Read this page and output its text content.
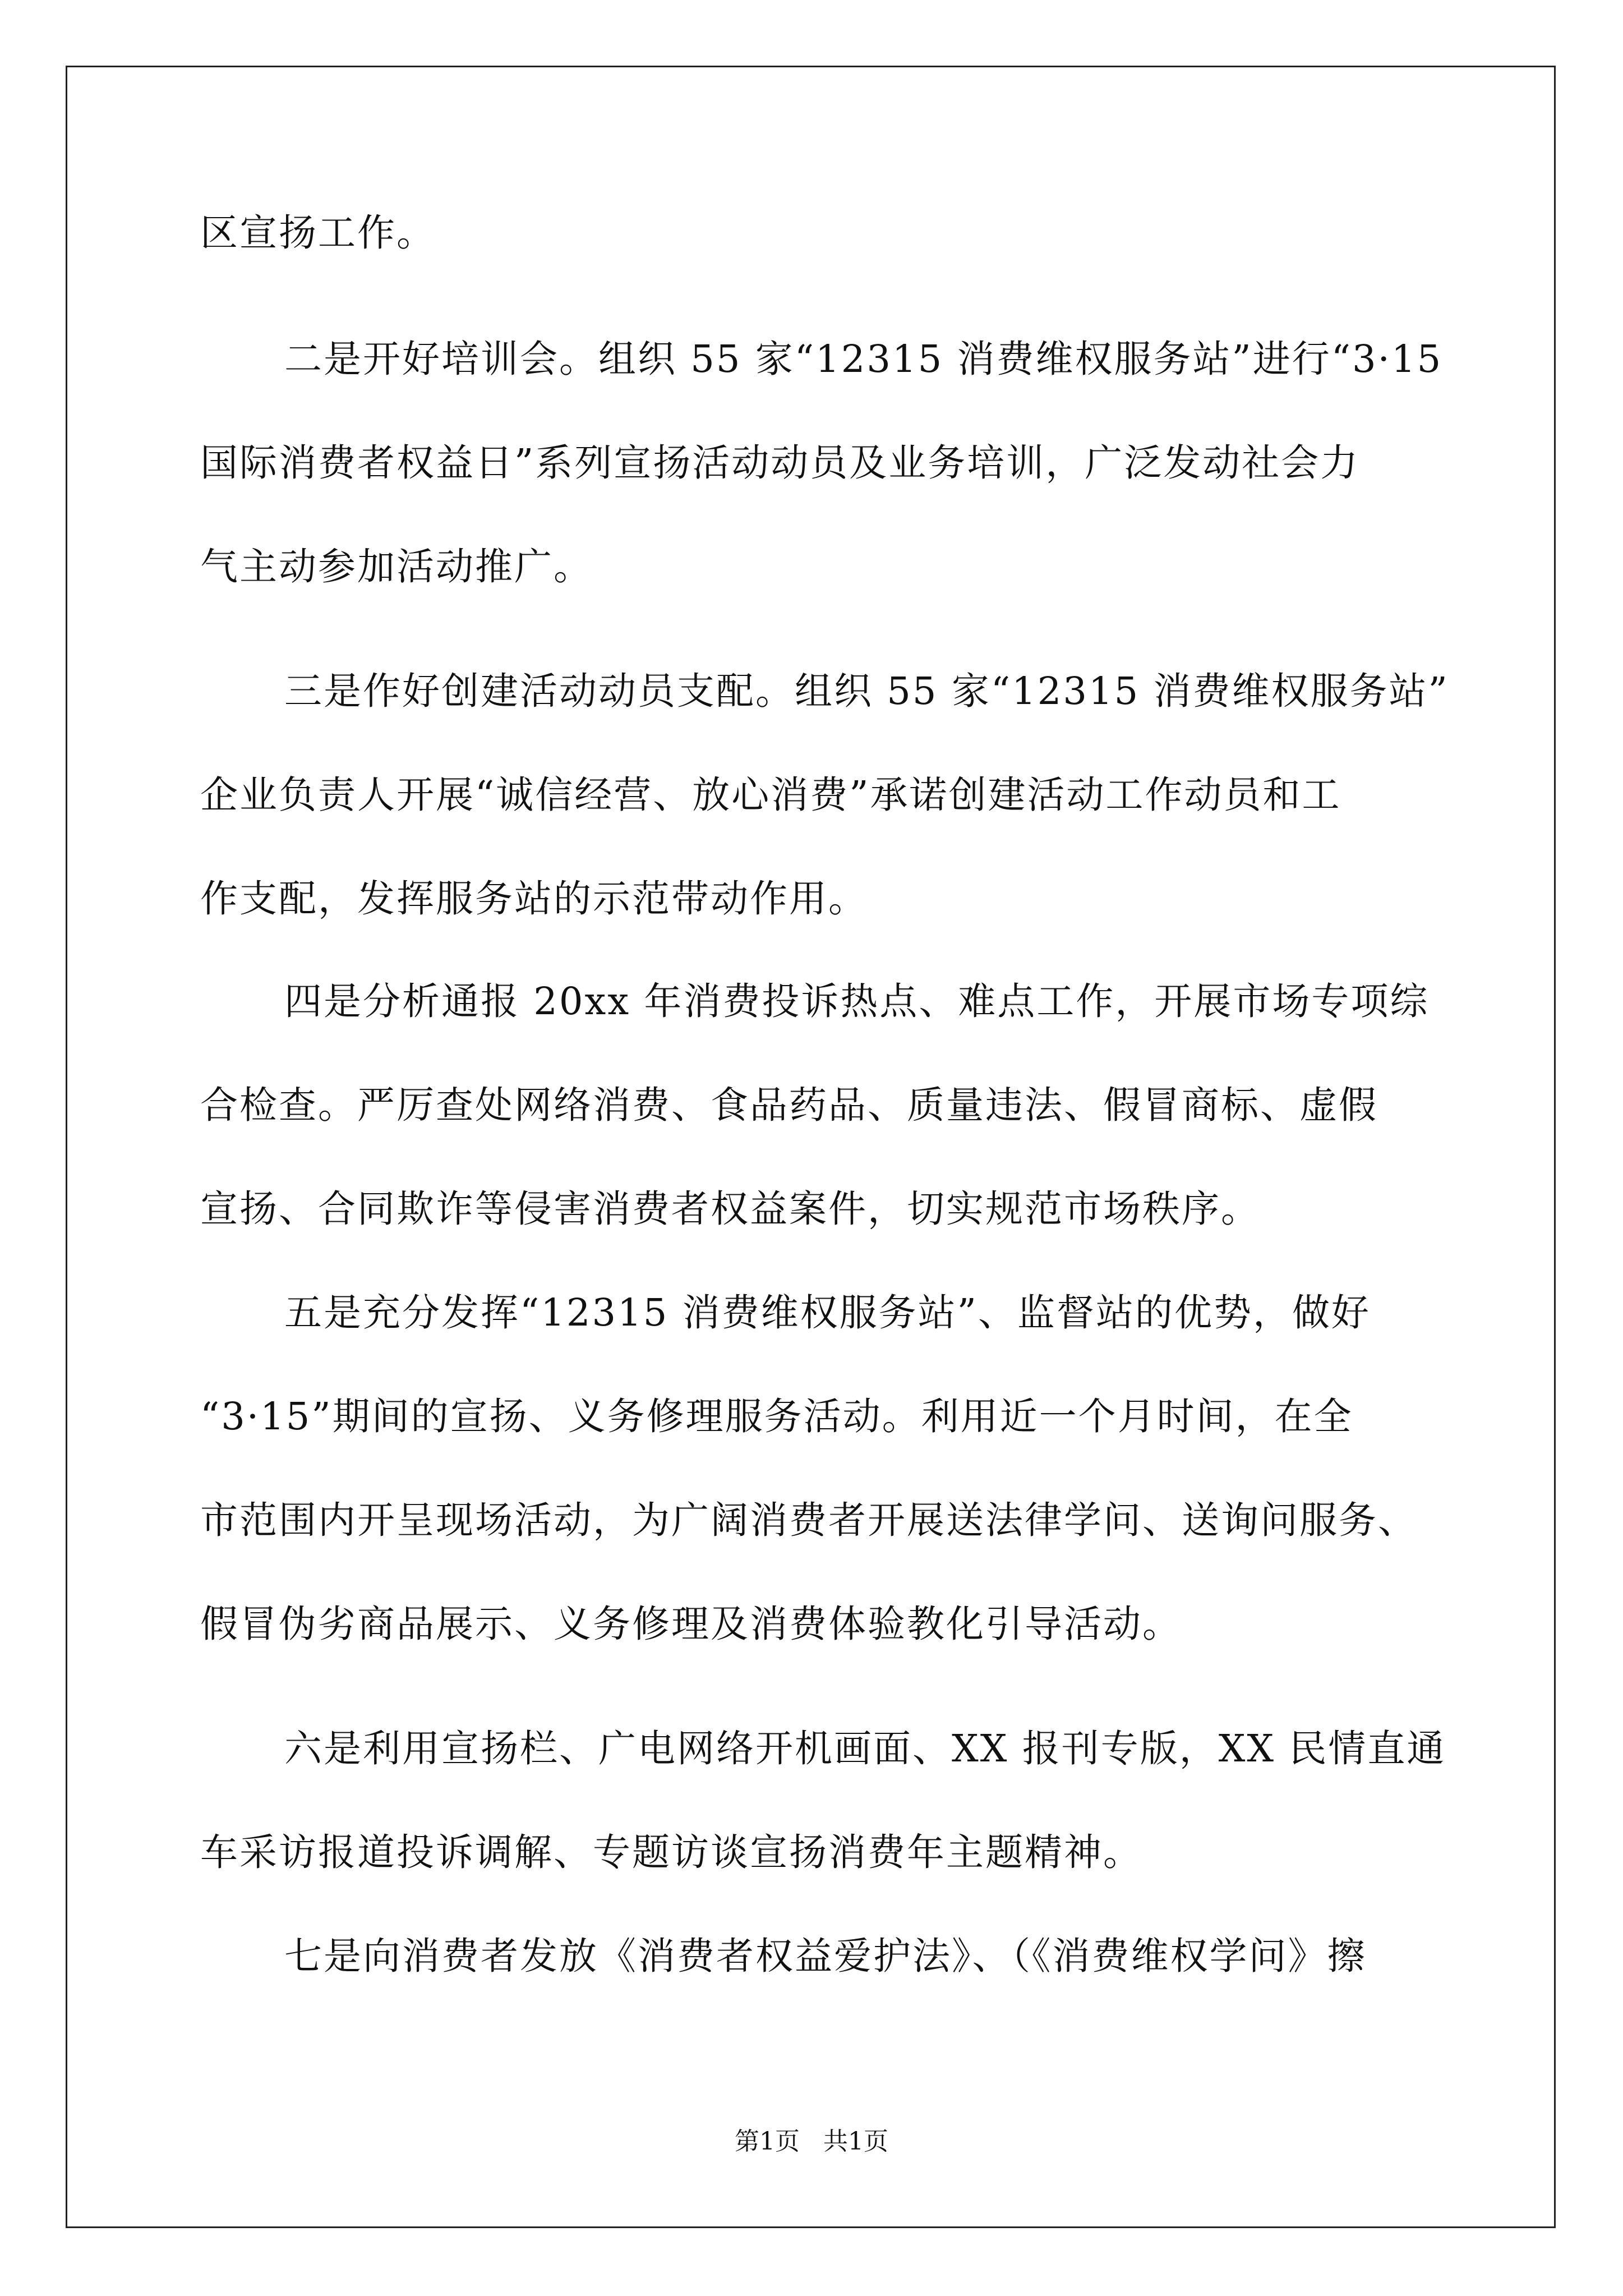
区宣扬工作。

二是开好培训会。组织 55 家“12315 消费维权服务站”进行“3·15

国际消费者权益日”系列宣扬活动动员及业务培训，广泛发动社会力

气主动参加活动推广。

三是作好创建活动动员支配。组织 55 家“12315 消费维权服务站”

企业负责人开展“诚信经营、放心消费”承诺创建活动工作动员和工

作支配，发挥服务站的示范带动作用。

四是分析通报 20xx 年消费投诉热点、难点工作，开展市场专项综

合检查。严厉查处网络消费、食品药品、质量违法、假冒商标、虚假

宣扬、合同欺诈等侵害消费者权益案件，切实规范市场秩序。

五是充分发挥“12315 消费维权服务站”、监督站的优势，做好

“3·15”期间的宣扬、义务修理服务活动。利用近一个月时间，在全

市范围内开呈现场活动，为广阔消费者开展送法律学问、送询问服务、

假冒伪劣商品展示、义务修理及消费体验教化引导活动。

六是利用宣扬栏、广电网络开机画面、XX 报刊专版，XX 民情直通

车采访报道投诉调解、专题访谈宣扬消费年主题精神。

七是向消费者发放《消费者权益爱护法》、（《消费维权学问》擦

第1页   共1页
